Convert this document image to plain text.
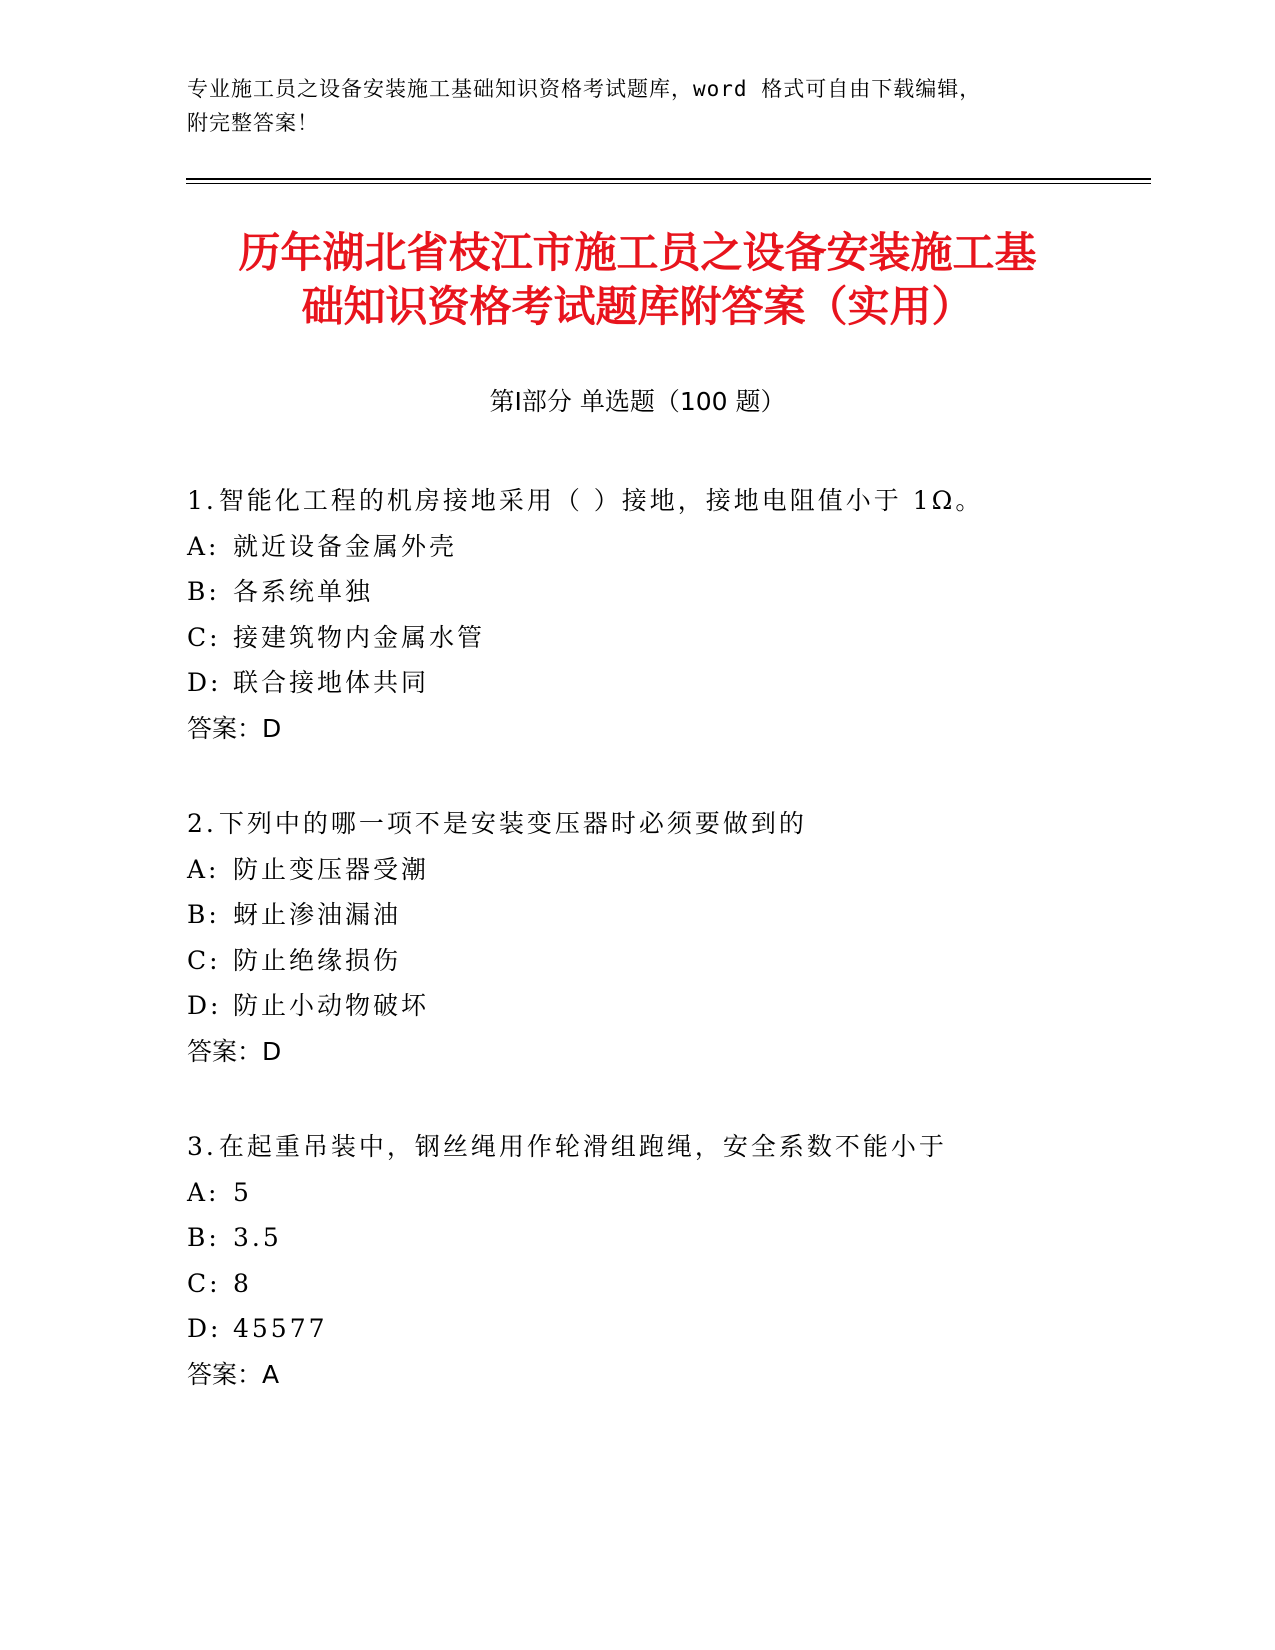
专业施工员之设备安装施工基础知识资格考试题库，word 格式可自由下载编辑，
附完整答案！
历年湖北省枝江市施工员之设备安装施工基
础知识资格考试题库附答案（实用）
第Ⅰ部分 单选题（100 题）
1.智能化工程的机房接地采用（ ）接地，接地电阻值小于 1Ω。
A: 就近设备金属外壳
B: 各系统单独
C: 接建筑物内金属水管
D: 联合接地体共同
答案：D
2.下列中的哪一项不是安装变压器时必须要做到的
A: 防止变压器受潮
B: 蚜止渗油漏油
C: 防止绝缘损伤
D: 防止小动物破坏
答案：D
3.在起重吊装中，钢丝绳用作轮滑组跑绳，安全系数不能小于
A: 5
B: 3.5
C: 8
D: 45577
答案：A
